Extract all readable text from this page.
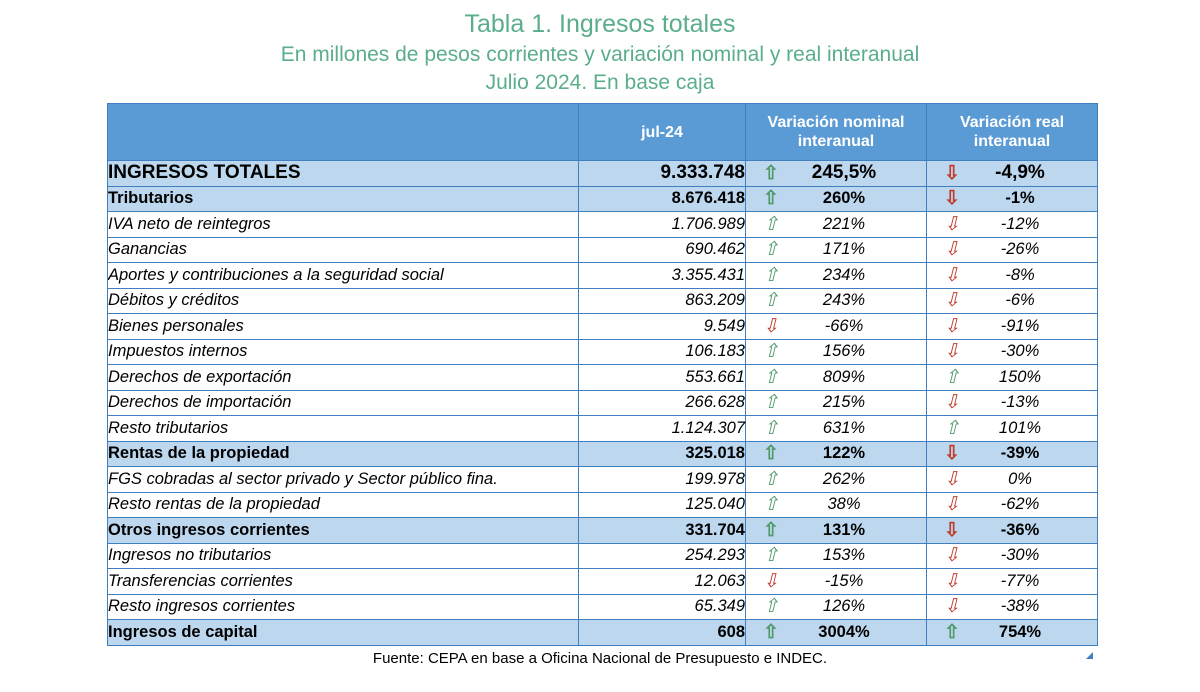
Tabla 1. Ingresos totales
En millones de pesos corrientes y variación nominal y real interanual
Julio 2024. En base caja
	jul-24	Variación nominal interanual	Variación real interanual
INGRESOS TOTALES	9.333.748	⇧ 245,5%	⇩ -4,9%

Tributarios	8.676.418	⇧ 260%	⇩ -1%

IVA neto de reintegros	1.706.989	⇧ 221%	⇩ -12%

Ganancias	690.462	⇧ 171%	⇩ -26%

Aportes y contribuciones a la seguridad social	3.355.431	⇧ 234%	⇩ -8%

Débitos y créditos	863.209	⇧ 243%	⇩ -6%

Bienes personales	9.549	⇩ -66%	⇩ -91%

Impuestos internos	106.183	⇧ 156%	⇩ -30%

Derechos de exportación	553.661	⇧ 809%	⇧ 150%

Derechos de importación	266.628	⇧ 215%	⇩ -13%

Resto tributarios	1.124.307	⇧ 631%	⇧ 101%

Rentas de la propiedad	325.018	⇧ 122%	⇩ -39%

FGS cobradas al sector privado y Sector público fina.	199.978	⇧ 262%	⇩ 0%

Resto rentas de la propiedad	125.040	⇧ 38%	⇩ -62%

Otros ingresos corrientes	331.704	⇧ 131%	⇩ -36%

Ingresos no tributarios	254.293	⇧ 153%	⇩ -30%

Transferencias corrientes	12.063	⇩ -15%	⇩ -77%

Resto ingresos corrientes	65.349	⇧ 126%	⇩ -38%

Ingresos de capital	608	⇧ 3004%	⇧ 754%
Fuente: CEPA en base a Oficina Nacional de Presupuesto e INDEC.
